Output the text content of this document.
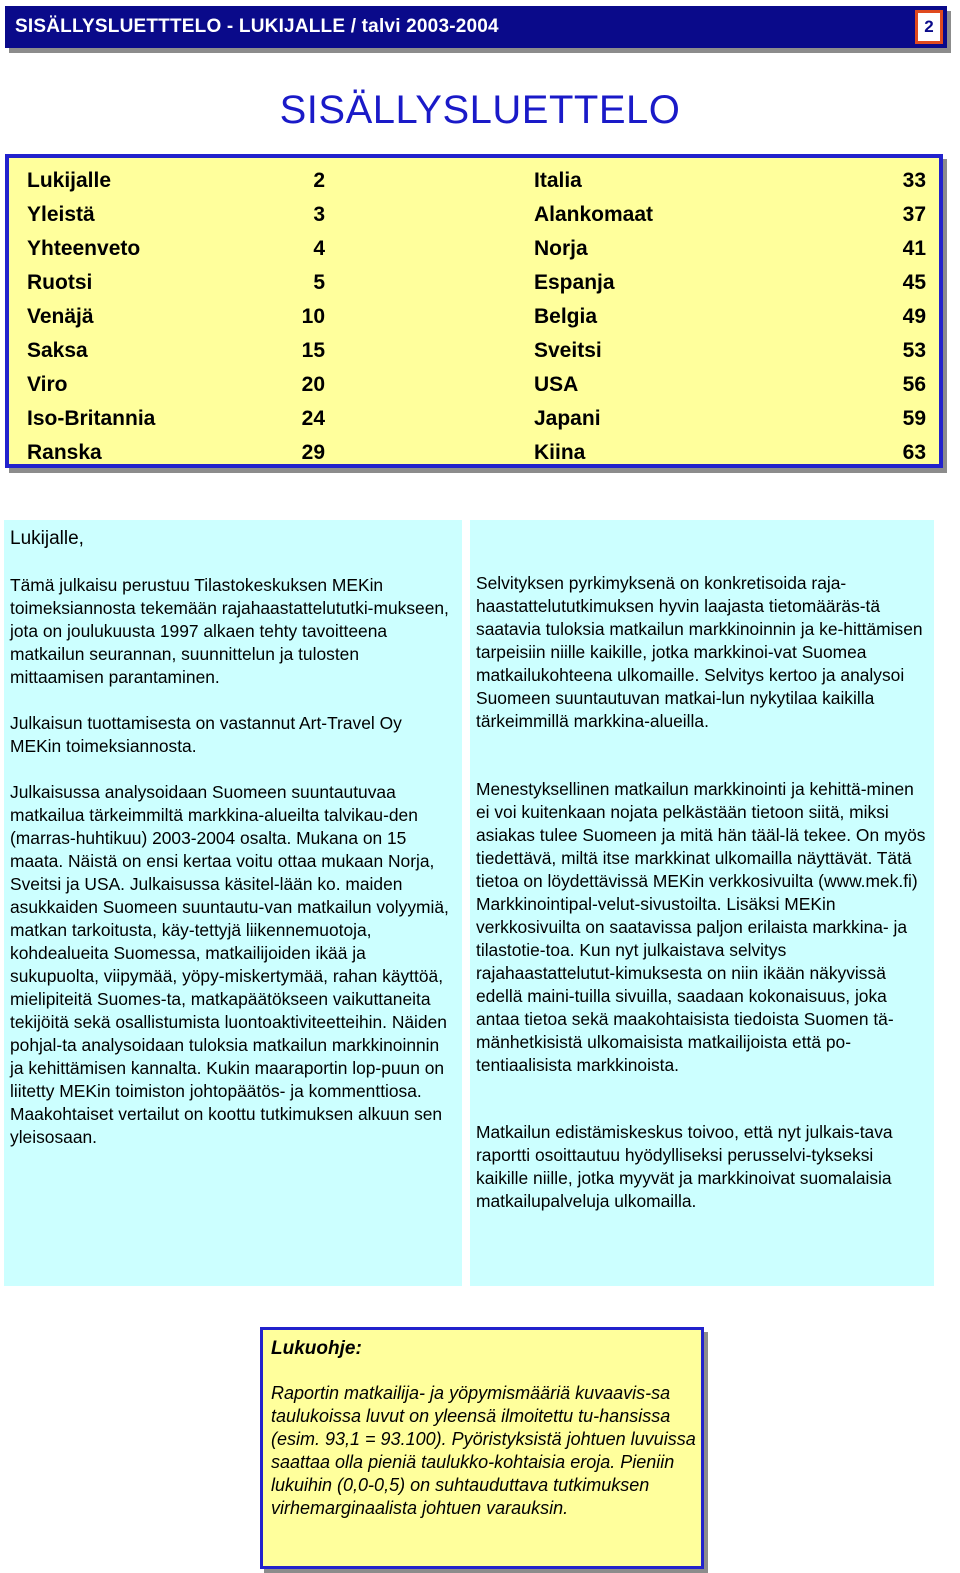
SISÄLLYSLUETTTELO - LUKIJALLE / talvi 2003-2004	2
SISÄLLYSLUETTELO
Lukijalle	2
Yleistä	3
Yhteenveto	4
Ruotsi	5
Venäjä	10
Saksa	15
Viro	20
Iso-Britannia	24
Ranska	29
Italia	33
Alankomaat	37
Norja	41
Espanja	45
Belgia	49
Sveitsi	53
USA	56
Japani	59
Kiina	63
Lukijalle,

Tämä julkaisu perustuu Tilastokeskuksen MEKin toimeksiannosta tekemään rajahaastattelututki-mukseen, jota on joulukuusta 1997 alkaen tehty tavoitteena matkailun seurannan, suunnittelun ja tulosten mittaamisen parantaminen.

Julkaisun tuottamisesta on vastannut Art-Travel Oy MEKin toimeksiannosta.

Julkaisussa analysoidaan Suomeen suuntautuvaa matkailua tärkeimmiltä markkina-alueilta talvikau-den (marras-huhtikuu) 2003-2004 osalta. Mukana on 15 maata. Näistä on ensi kertaa voitu ottaa mukaan Norja, Sveitsi ja USA. Julkaisussa käsitel-lään ko. maiden asukkaiden Suomeen suuntautu-van matkailun volyymiä, matkan tarkoitusta, käy-tettyjä liikennemuotoja, kohdealueita Suomessa, matkailijoiden ikää ja sukupuolta, viipymää, yöpy-miskertymää, rahan käyttöä, mielipiteitä Suomes-ta, matkapäätökseen vaikuttaneita tekijöitä sekä osallistumista luontoaktiviteetteihin. Näiden pohjal-ta analysoidaan tuloksia matkailun markkinoinnin ja kehittämisen kannalta. Kukin maaraportin lop-puun on liitetty MEKin toimiston johtopäätös- ja kommenttiosa. Maakohtaiset vertailut on koottu tutkimuksen alkuun sen yleisosaan.

Selvityksen pyrkimyksenä on konkretisoida raja-haastattelututkimuksen hyvin laajasta tietomääräs-tä saatavia tuloksia matkailun markkinoinnin ja ke-hittämisen tarpeisiin niille kaikille, jotka markkinoi-vat Suomea matkailukohteena ulkomaille. Selvitys kertoo ja analysoi Suomeen suuntautuvan matkai-lun nykytilaa kaikilla tärkeimmillä markkina-alueilla.

Menestyksellinen matkailun markkinointi ja kehittä-minen ei voi kuitenkaan nojata pelkästään tietoon siitä, miksi asiakas tulee Suomeen ja mitä hän tääl-lä tekee. On myös tiedettävä, miltä itse markkinat ulkomailla näyttävät. Tätä tietoa on löydettävissä MEKin verkkosivuilta (www.mek.fi) Markkinointipal-velut-sivustoilta. Lisäksi MEKin verkkosivuilta on saatavissa paljon erilaista markkina- ja tilastotie-toa. Kun nyt julkaistava selvitys rajahaastattelutut-kimuksesta on niin ikään näkyvissä edellä maini-tuilla sivuilla, saadaan kokonaisuus, joka antaa tietoa sekä maakohtaisista tiedoista Suomen tä-mänhetkisistä ulkomaisista matkailijoista että po-tentiaalisista markkinoista.

Matkailun edistämiskeskus toivoo, että nyt julkais-tava raportti osoittautuu hyödylliseksi perusselvi-tykseksi kaikille niille, jotka myyvät ja markkinoivat suomalaisia matkailupalveluja ulkomailla.

Lukuohje:

Raportin matkailija- ja yöpymismääriä kuvaavis-sa taulukoissa luvut on yleensä ilmoitettu tu-hansissa (esim. 93,1 = 93.100). Pyöristyksistä johtuen luvuissa saattaa olla pieniä taulukko-kohtaisia eroja. Pieniin lukuihin (0,0-0,5) on suhtauduttava tutkimuksen virhemarginaalista johtuen varauksin.
